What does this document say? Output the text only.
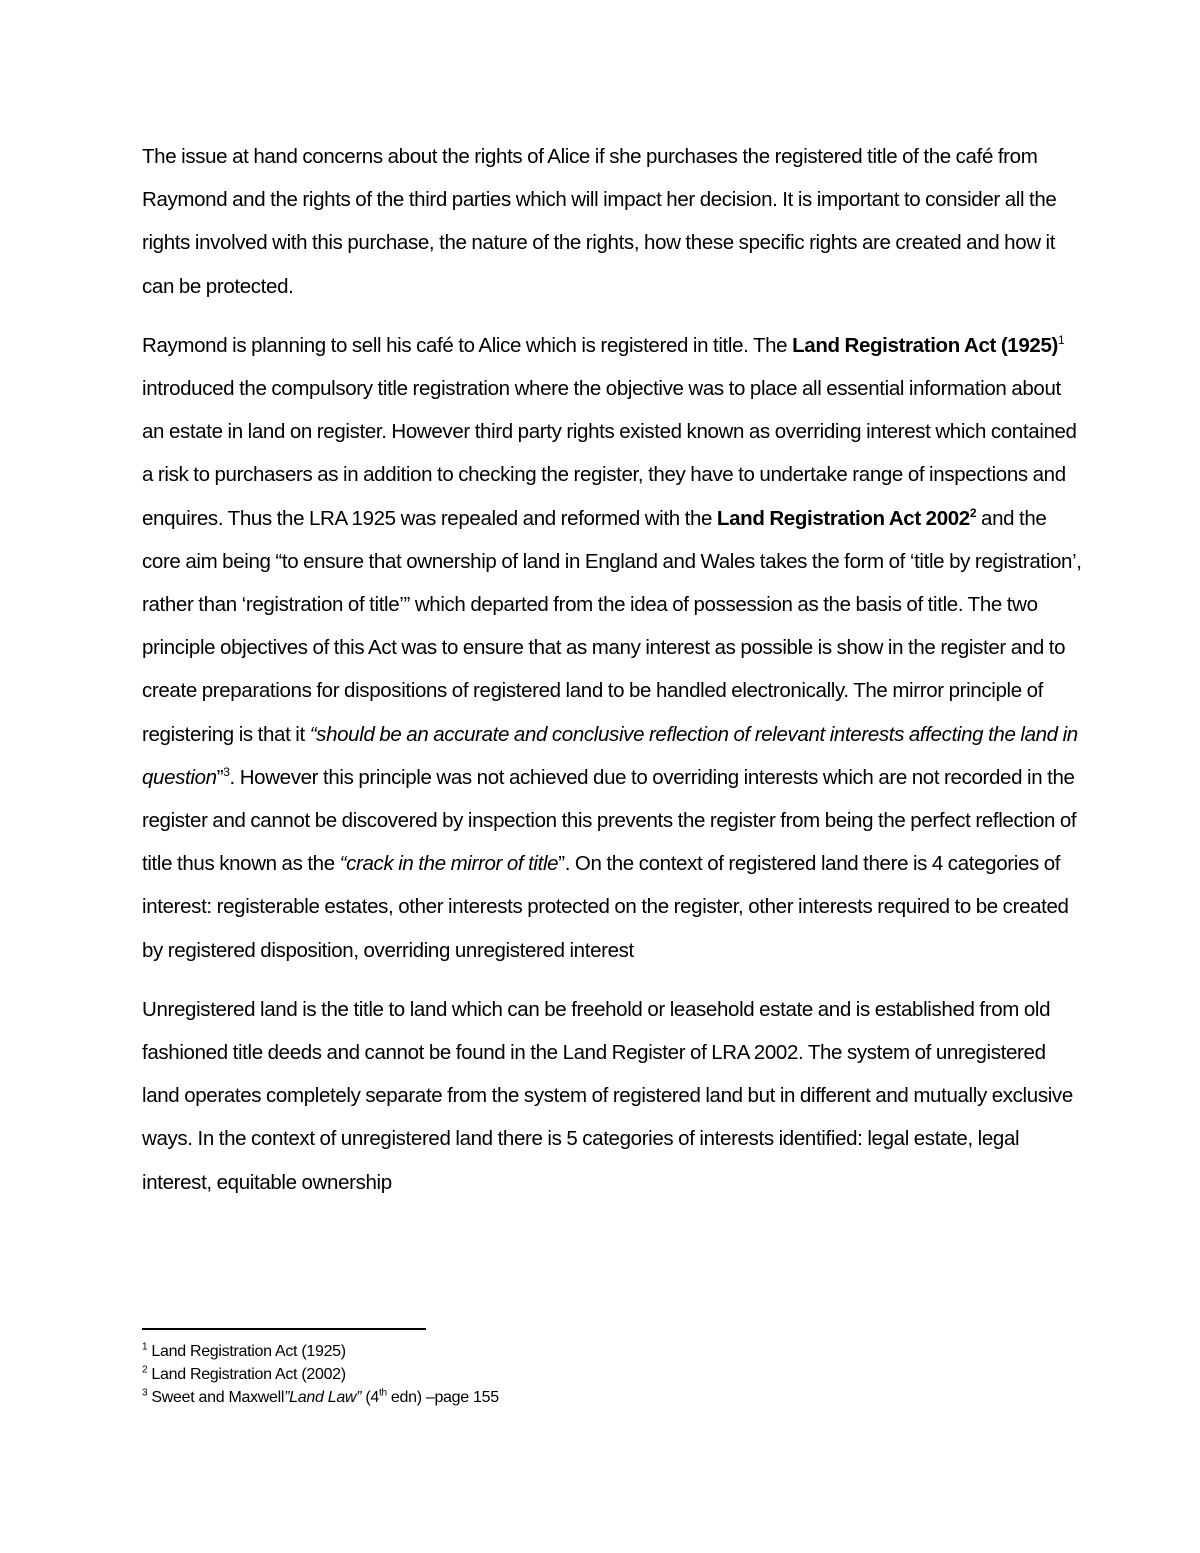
The issue at hand concerns about the rights of Alice if she purchases the registered title of the café from Raymond and the rights of the third parties which will impact her decision. It is important to consider all the rights involved with this purchase, the nature of the rights, how these specific rights are created and how it can be protected.

Raymond is planning to sell his café to Alice which is registered in title. The Land Registration Act $(1925)^1$ introduced the compulsory title registration where the objective was to place all essential information about an estate in land on register. However third party rights existed known as overriding interest which contained a risk to purchasers as in addition to checking the register, they have to undertake range of inspections and enquires. Thus the LRA 1925 was repealed and reformed with the Land Registration Act 2002$^2$ and the core aim being “to ensure that ownership of land in England and Wales takes the form of ‘title by registration’, rather than ‘registration of title’” which departed from the idea of possession as the basis of title. The two principle objectives of this Act was to ensure that as many interest as possible is show in the register and to create preparations for dispositions of registered land to be handled electronically. The mirror principle of registering is that it “should be an accurate and conclusive reflection of relevant interests affecting the land in question”$^3$. However this principle was not achieved due to overriding interests which are not recorded in the register and cannot be discovered by inspection this prevents the register from being the perfect reflection of title thus known as the “crack in the mirror of title”. On the context of registered land there is 4 categories of interest: registerable estates, other interests protected on the register, other interests required to be created by registered disposition, overriding unregistered interest

Unregistered land is the title to land which can be freehold or leasehold estate and is established from old fashioned title deeds and cannot be found in the Land Register of LRA 2002. The system of unregistered land operates completely separate from the system of registered land but in different and mutually exclusive ways. In the context of unregistered land there is 5 categories of interests identified: legal estate, legal interest, equitable ownership

$^1$ Land Registration Act (1925)

$^2$ Land Registration Act (2002)

$^3$ Sweet and Maxwell”Land Law” (4th edn) –page 155
